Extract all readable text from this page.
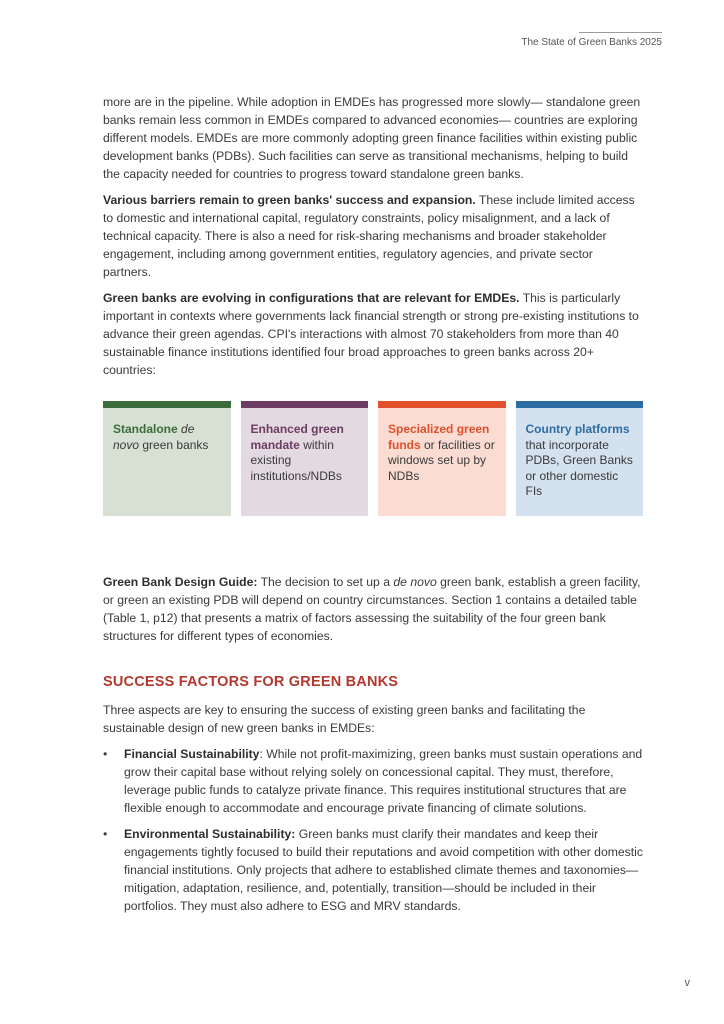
The State of Green Banks 2025

more are in the pipeline. While adoption in EMDEs has progressed more slowly— standalone green banks remain less common in EMDEs compared to advanced economies— countries are exploring different models. EMDEs are more commonly adopting green finance facilities within existing public development banks (PDBs). Such facilities can serve as transitional mechanisms, helping to build the capacity needed for countries to progress toward standalone green banks.

Various barriers remain to green banks' success and expansion. These include limited access to domestic and international capital, regulatory constraints, policy misalignment, and a lack of technical capacity. There is also a need for risk-sharing mechanisms and broader stakeholder engagement, including among government entities, regulatory agencies, and private sector partners.

Green banks are evolving in configurations that are relevant for EMDEs. This is particularly important in contexts where governments lack financial strength or strong pre-existing institutions to advance their green agendas. CPI's interactions with almost 70 stakeholders from more than 40 sustainable finance institutions identified four broad approaches to green banks across 20+ countries:

Standalone de novo green banks
Enhanced green mandate within existing institutions/NDBs
Specialized green funds or facilities or windows set up by NDBs
Country platforms that incorporate PDBs, Green Banks or other domestic FIs

Green Bank Design Guide: The decision to set up a de novo green bank, establish a green facility, or green an existing PDB will depend on country circumstances. Section 1 contains a detailed table (Table 1, p12) that presents a matrix of factors assessing the suitability of the four green bank structures for different types of economies.

SUCCESS FACTORS FOR GREEN BANKS

Three aspects are key to ensuring the success of existing green banks and facilitating the sustainable design of new green banks in EMDEs:

• Financial Sustainability: While not profit-maximizing, green banks must sustain operations and grow their capital base without relying solely on concessional capital. They must, therefore, leverage public funds to catalyze private finance. This requires institutional structures that are flexible enough to accommodate and encourage private financing of climate solutions.
• Environmental Sustainability: Green banks must clarify their mandates and keep their engagements tightly focused to build their reputations and avoid competition with other domestic financial institutions. Only projects that adhere to established climate themes and taxonomies—mitigation, adaptation, resilience, and, potentially, transition—should be included in their portfolios. They must also adhere to ESG and MRV standards.
v
